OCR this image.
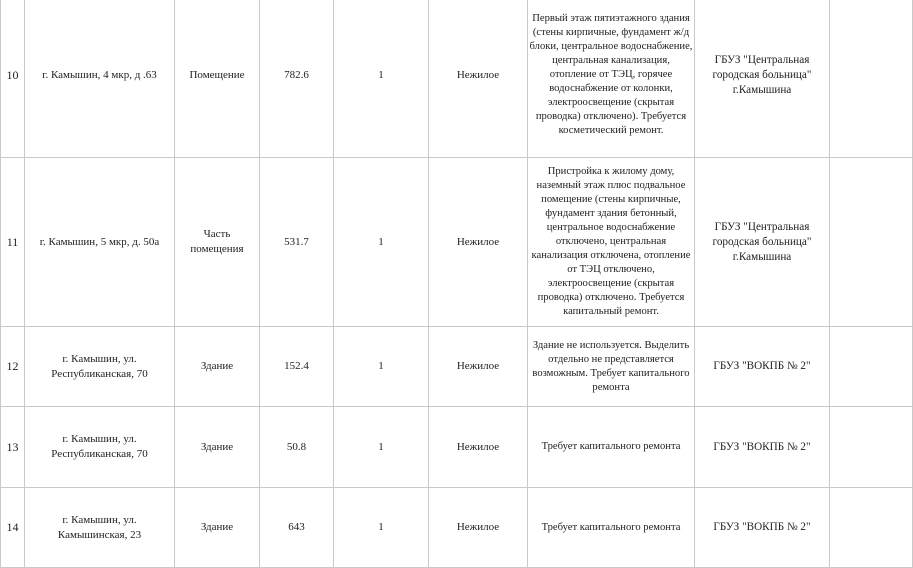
10	г. Камышин, 4 мкр, д .63	Помещение	782.6	1	Нежилое	Первый этаж пятиэтажного здания (стены кирпичные, фундамент ж/д блоки, центральное водоснабжение, центральная канализация, отопление от ТЭЦ, горячее водоснабжение от колонки, электроосвещение (скрытая проводка) отключено). Требуется косметический ремонт.	ГБУЗ "Центральная городская больница" г.Камышина	
11	г. Камышин, 5 мкр, д. 50а	Часть помещения	531.7	1	Нежилое	Пристройка к жилому дому, наземный этаж плюс подвальное помещение (стены кирпичные, фундамент здания бетонный, центральное водоснабжение отключено, центральная канализация отключена, отопление от ТЭЦ отключено, электроосвещение (скрытая проводка) отключено. Требуется капитальный ремонт.	ГБУЗ "Центральная городская больница" г.Камышина	
12	г. Камышин, ул. Республиканская, 70	Здание	152.4	1	Нежилое	Здание не используется. Выделить отдельно не представляется возможным. Требует капитального ремонта	ГБУЗ "ВОКПБ № 2"	
13	г. Камышин, ул. Республиканская, 70	Здание	50.8	1	Нежилое	Требует капитального ремонта	ГБУЗ "ВОКПБ № 2"	
14	г. Камышин, ул. Камышинская, 23	Здание	643	1	Нежилое	Требует капитального ремонта	ГБУЗ "ВОКПБ № 2"	
